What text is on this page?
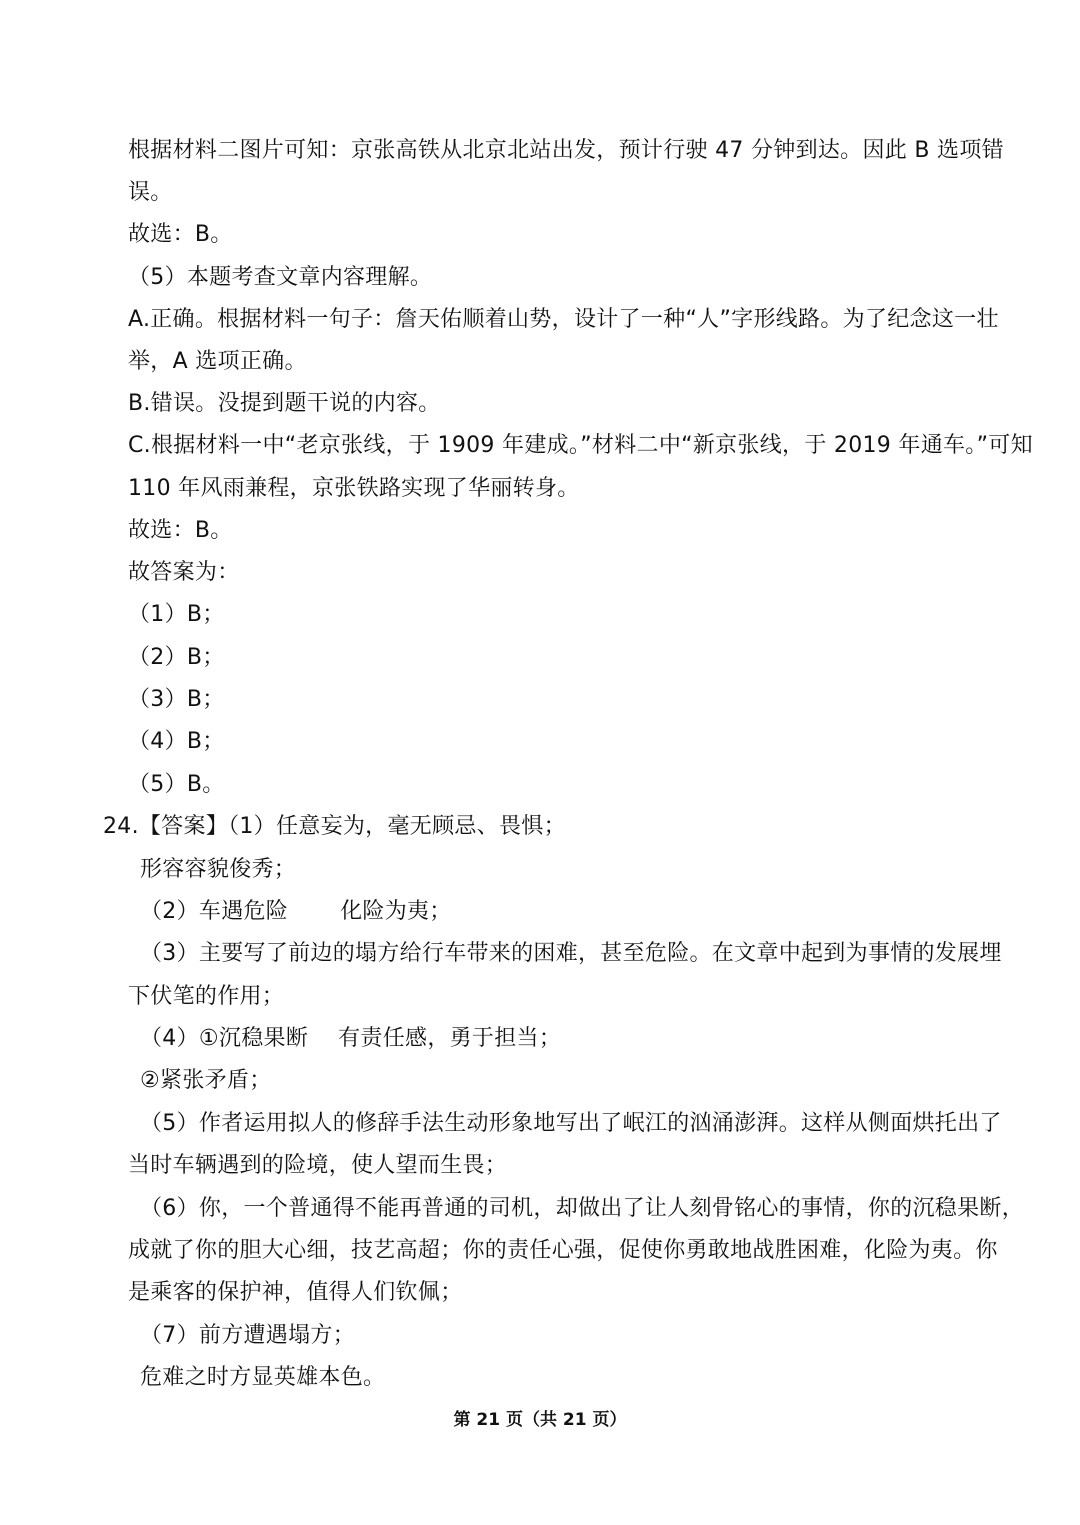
根据材料二图片可知：京张高铁从北京北站出发，预计行驶 47 分钟到达。因此 B 选项错
误。
故选：B。
（5）本题考查文章内容理解。
A.正确。根据材料一句子：詹天佑顺着山势，设计了一种“人”字形线路。为了纪念这一壮
举，A 选项正确。
B.错误。没提到题干说的内容。
C.根据材料一中“老京张线，于 1909 年建成。”材料二中“新京张线，于 2019 年通车。”可知
110 年风雨兼程，京张铁路实现了华丽转身。
故选：B。
故答案为：
（1）B；
（2）B；
（3）B；
（4）B；
（5）B。
24.【答案】（1）任意妄为，毫无顾忌、畏惧；
形容容貌俊秀；
（2）车遇危险 化险为夷；
（3）主要写了前边的塌方给行车带来的困难，甚至危险。在文章中起到为事情的发展埋
下伏笔的作用；
（4）①沉稳果断 有责任感，勇于担当；
②紧张矛盾；
（5）作者运用拟人的修辞手法生动形象地写出了岷江的汹涌澎湃。这样从侧面烘托出了
当时车辆遇到的险境，使人望而生畏；
（6）你，一个普通得不能再普通的司机，却做出了让人刻骨铭心的事情，你的沉稳果断，
成就了你的胆大心细，技艺高超；你的责任心强，促使你勇敢地战胜困难，化险为夷。你
是乘客的保护神，值得人们钦佩；
（7）前方遭遇塌方；
危难之时方显英雄本色。
第 21 页（共 21 页）
